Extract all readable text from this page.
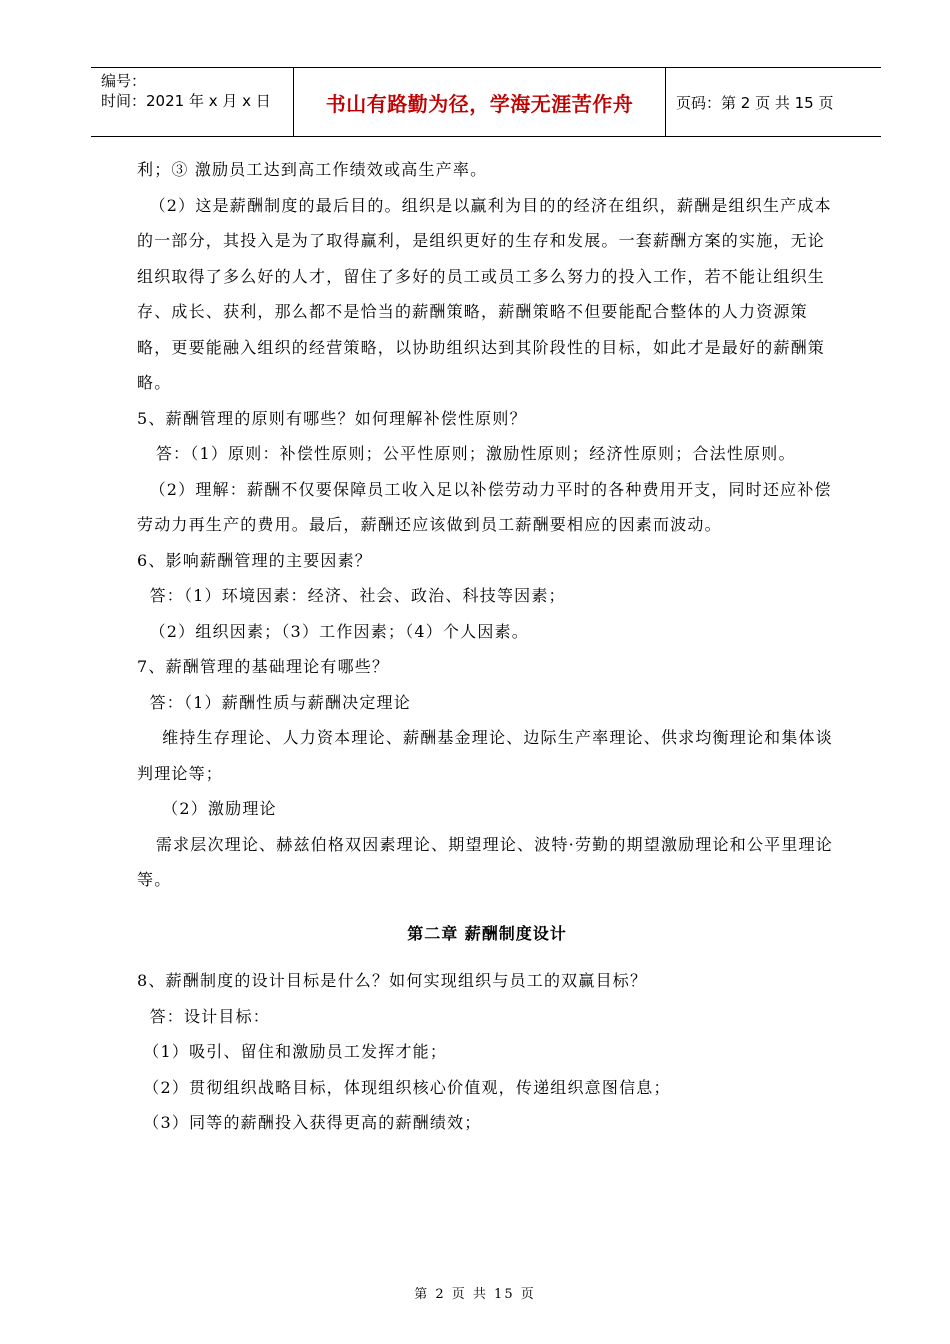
编号：
时间：2021 年 x 月 x 日	书山有路勤为径，学海无涯苦作舟	页码：第 2 页 共 15 页

利；③ 激励员工达到高工作绩效或高生产率。

（2）这是薪酬制度的最后目的。组织是以赢利为目的的经济在组织，薪酬是组织生产成本的一部分，其投入是为了取得赢利，是组织更好的生存和发展。一套薪酬方案的实施，无论组织取得了多么好的人才，留住了多好的员工或员工多么努力的投入工作，若不能让组织生存、成长、获利，那么都不是恰当的薪酬策略，薪酬策略不但要能配合整体的人力资源策略，更要能融入组织的经营策略，以协助组织达到其阶段性的目标，如此才是最好的薪酬策略。

5、薪酬管理的原则有哪些？如何理解补偿性原则？

答：（1）原则：补偿性原则；公平性原则；激励性原则；经济性原则；合法性原则。

（2）理解：薪酬不仅要保障员工收入足以补偿劳动力平时的各种费用开支，同时还应补偿劳动力再生产的费用。最后，薪酬还应该做到员工薪酬要相应的因素而波动。

6、影响薪酬管理的主要因素？

答：（1）环境因素：经济、社会、政治、科技等因素；

（2）组织因素；（3）工作因素；（4）个人因素。

7、薪酬管理的基础理论有哪些？

答：（1）薪酬性质与薪酬决定理论

维持生存理论、人力资本理论、薪酬基金理论、边际生产率理论、供求均衡理论和集体谈判理论等；

（2）激励理论

需求层次理论、赫兹伯格双因素理论、期望理论、波特·劳勤的期望激励理论和公平里理论等。

第二章 薪酬制度设计

8、薪酬制度的设计目标是什么？如何实现组织与员工的双赢目标？

答：设计目标：

（1）吸引、留住和激励员工发挥才能；

（2）贯彻组织战略目标，体现组织核心价值观，传递组织意图信息；

（3）同等的薪酬投入获得更高的薪酬绩效；

第 2 页 共 15 页
